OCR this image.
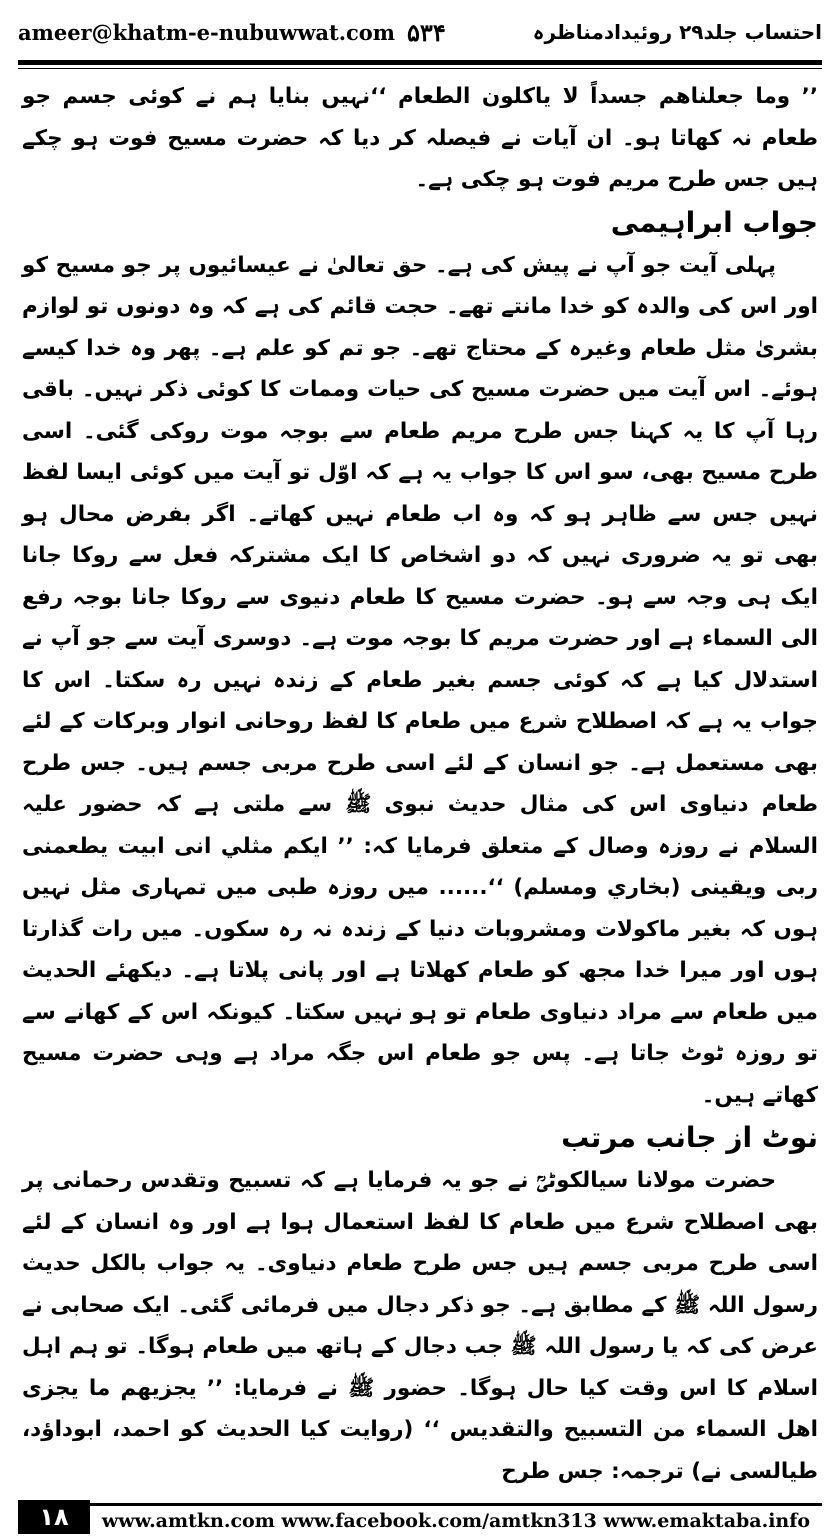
ameer@khatm-e-nubuwwat.com ۵۳۴	احتساب جلد۲۹ روئیدادمناظرہ

’’ وما جعلناهم جسداً لا ياكلون الطعام ‘‘نہیں بنایا ہم نے کوئی جسم جو طعام نہ کھاتا ہو۔ ان آیات نے فیصلہ کر دیا کہ حضرت مسیح فوت ہو چکے ہیں جس طرح مریم فوت ہو چکی ہے۔

جواب ابراہیمی

پہلی آیت جو آپ نے پیش کی ہے۔ حق تعالیٰ نے عیسائیوں پر جو مسیح کو اور اس کی والدہ کو خدا مانتے تھے۔ حجت قائم کی ہے کہ وہ دونوں تو لوازم بشریٰ مثل طعام وغیرہ کے محتاج تھے۔ جو تم کو علم ہے۔ پھر وہ خدا کیسے ہوئے۔ اس آیت میں حضرت مسیح کی حیات وممات کا کوئی ذکر نہیں۔ باقی رہا آپ کا یہ کہنا جس طرح مریم طعام سے بوجہ موت روکی گئی۔ اسی طرح مسیح بھی، سو اس کا جواب یہ ہے کہ اوّل تو آیت میں کوئی ایسا لفظ نہیں جس سے ظاہر ہو کہ وہ اب طعام نہیں کھاتے۔ اگر بفرض محال ہو بھی تو یہ ضروری نہیں کہ دو اشخاص کا ایک مشترکہ فعل سے روکا جانا ایک ہی وجہ سے ہو۔ حضرت مسیح کا طعام دنیوی سے روکا جانا بوجہ رفع الی السماء ہے اور حضرت مریم کا بوجہ موت ہے۔ دوسری آیت سے جو آپ نے استدلال کیا ہے کہ کوئی جسم بغیر طعام کے زندہ نہیں رہ سکتا۔ اس کا جواب یہ ہے کہ اصطلاح شرع میں طعام کا لفظ روحانی انوار وبرکات کے لئے بھی مستعمل ہے۔ جو انسان کے لئے اسی طرح مربی جسم ہیں۔ جس طرح طعام دنیاوی اس کی مثال حدیث نبوی ﷺ سے ملتی ہے کہ حضور علیہ السلام نے روزہ وصال کے متعلق فرمایا کہ: ’’ ایكم مثلي انى ابيت يطعمنى ربى ويقينى (بخاري ومسلم) ‘‘...... میں روزہ طبی میں تمہاری مثل نہیں ہوں کہ بغیر ماکولات ومشروبات دنیا کے زندہ نہ رہ سکوں۔ میں رات گذارتا ہوں اور میرا خدا مجھ کو طعام کھلاتا ہے اور پانی پلاتا ہے۔ دیکھئے الحدیث میں طعام سے مراد دنیاوی طعام تو ہو نہیں سکتا۔ کیونکہ اس کے کھانے سے تو روزہ ٹوٹ جاتا ہے۔ پس جو طعام اس جگہ مراد ہے وہی حضرت مسیح کھاتے ہیں۔

نوٹ از جانب مرتب

حضرت مولانا سیالکوٹیؒ نے جو یہ فرمایا ہے کہ تسبیح وتقدس رحمانی پر بھی اصطلاح شرع میں طعام کا لفظ استعمال ہوا ہے اور وہ انسان کے لئے اسی طرح مربی جسم ہیں جس طرح طعام دنیاوی۔ یہ جواب بالکل حدیث رسول اللہ ﷺ کے مطابق ہے۔ جو ذکر دجال میں فرمائی گئی۔ ایک صحابی نے عرض کی کہ یا رسول اللہ ﷺ جب دجال کے ہاتھ میں طعام ہوگا۔ تو ہم اہل اسلام کا اس وقت کیا حال ہوگا۔ حضور ﷺ نے فرمایا: ’’ يجزيهم ما يجزى اهل السماء من التسبيح والتقديس ‘‘ (روایت کیا الحدیث کو احمد، ابوداؤد، طیالسی نے) ترجمہ: جس طرح

۱۸	www.amtkn.com www.facebook.com/amtkn313 www.emaktaba.info
